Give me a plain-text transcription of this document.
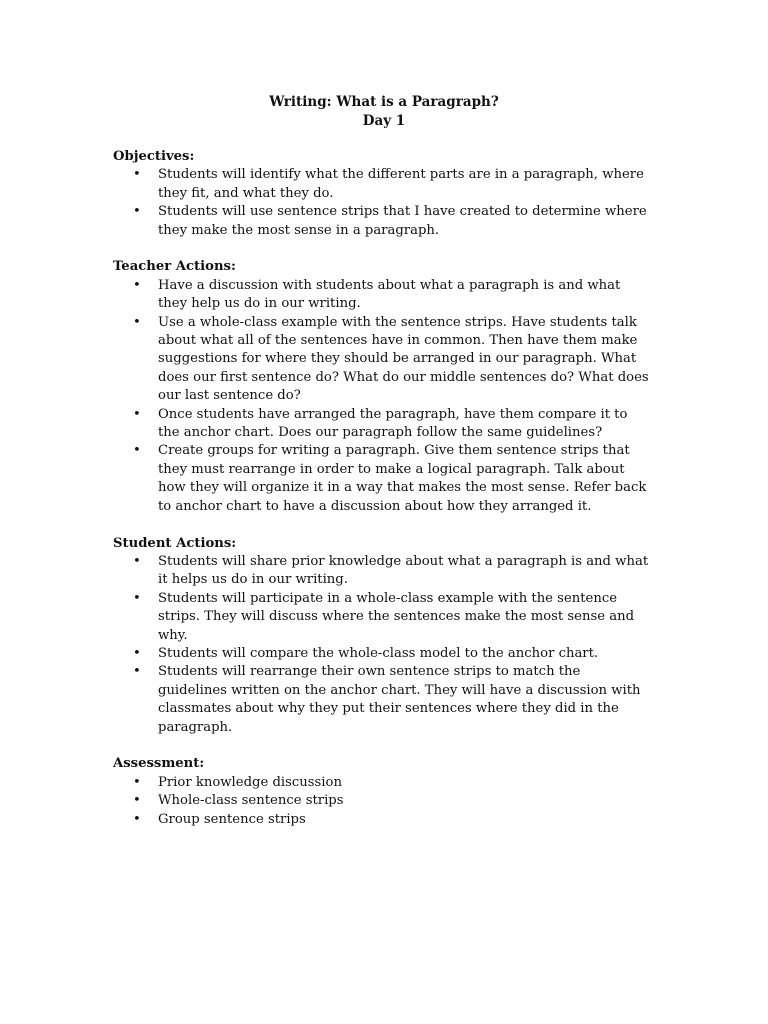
Writing: What is a Paragraph?
Day 1

Objectives:

• Students will identify what the different parts are in a paragraph, where they fit, and what they do.
• Students will use sentence strips that I have created to determine where they make the most sense in a paragraph.

Teacher Actions:

• Have a discussion with students about what a paragraph is and what they help us do in our writing.
• Use a whole-class example with the sentence strips. Have students talk about what all of the sentences have in common. Then have them make suggestions for where they should be arranged in our paragraph. What does our first sentence do? What do our middle sentences do? What does our last sentence do?
• Once students have arranged the paragraph, have them compare it to the anchor chart. Does our paragraph follow the same guidelines?
• Create groups for writing a paragraph. Give them sentence strips that they must rearrange in order to make a logical paragraph. Talk about how they will organize it in a way that makes the most sense. Refer back to anchor chart to have a discussion about how they arranged it.

Student Actions:

• Students will share prior knowledge about what a paragraph is and what it helps us do in our writing.
• Students will participate in a whole-class example with the sentence strips. They will discuss where the sentences make the most sense and why.
• Students will compare the whole-class model to the anchor chart.
• Students will rearrange their own sentence strips to match the guidelines written on the anchor chart. They will have a discussion with classmates about why they put their sentences where they did in the paragraph.

Assessment:

• Prior knowledge discussion
• Whole-class sentence strips
• Group sentence strips
